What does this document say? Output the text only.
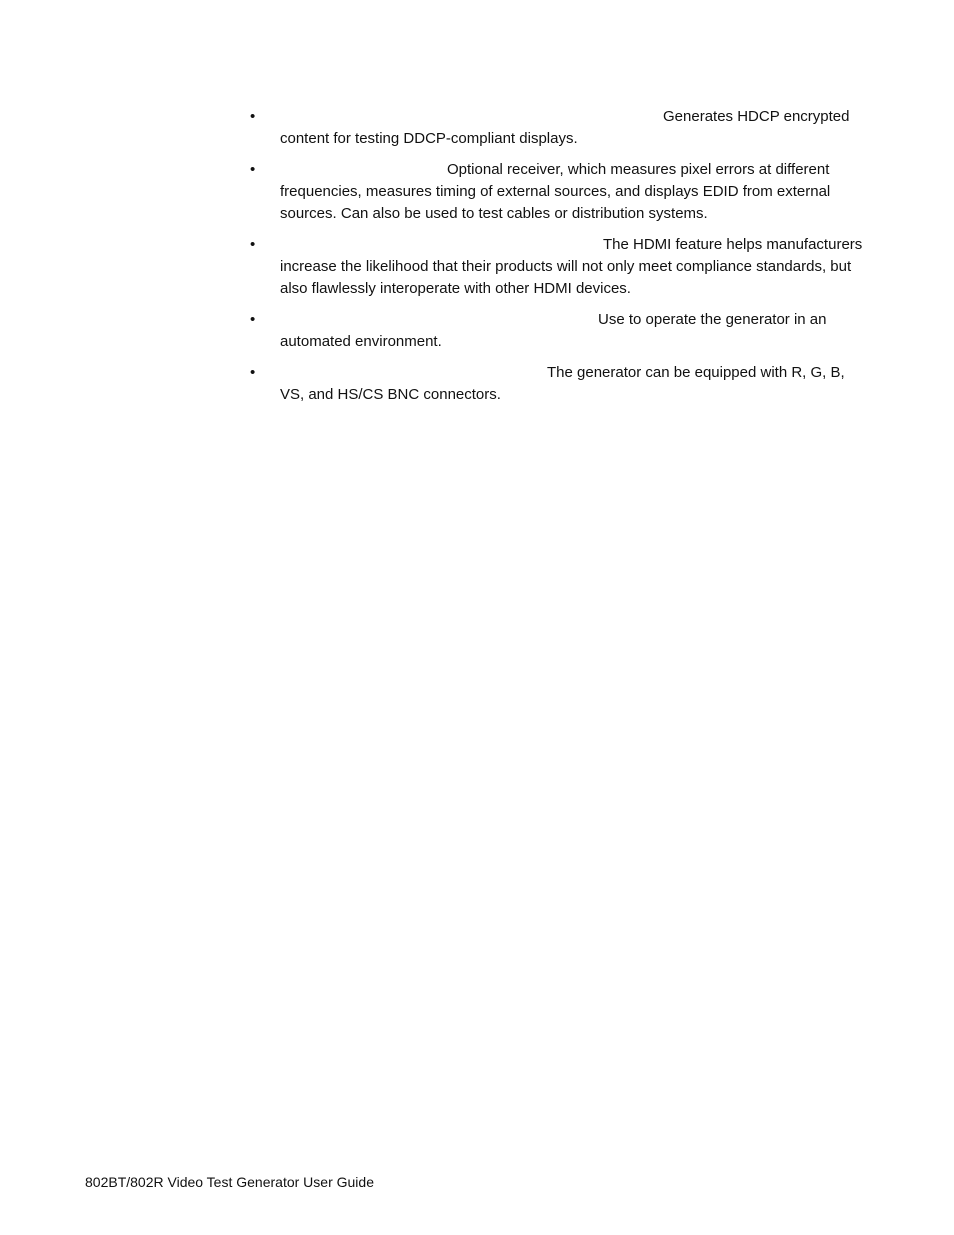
•	Generates HDCP encrypted content for testing DDCP-compliant displays.
•	Optional receiver, which measures pixel errors at different frequencies, measures timing of external sources, and displays EDID from external sources. Can also be used to test cables or distribution systems.
•	The HDMI feature helps manufacturers increase the likelihood that their products will not only meet compliance standards, but also flawlessly interoperate with other HDMI devices.
•	Use to operate the generator in an automated environment.
•	The generator can be equipped with R, G, B, VS, and HS/CS BNC connectors.
802BT/802R Video Test Generator User Guide
